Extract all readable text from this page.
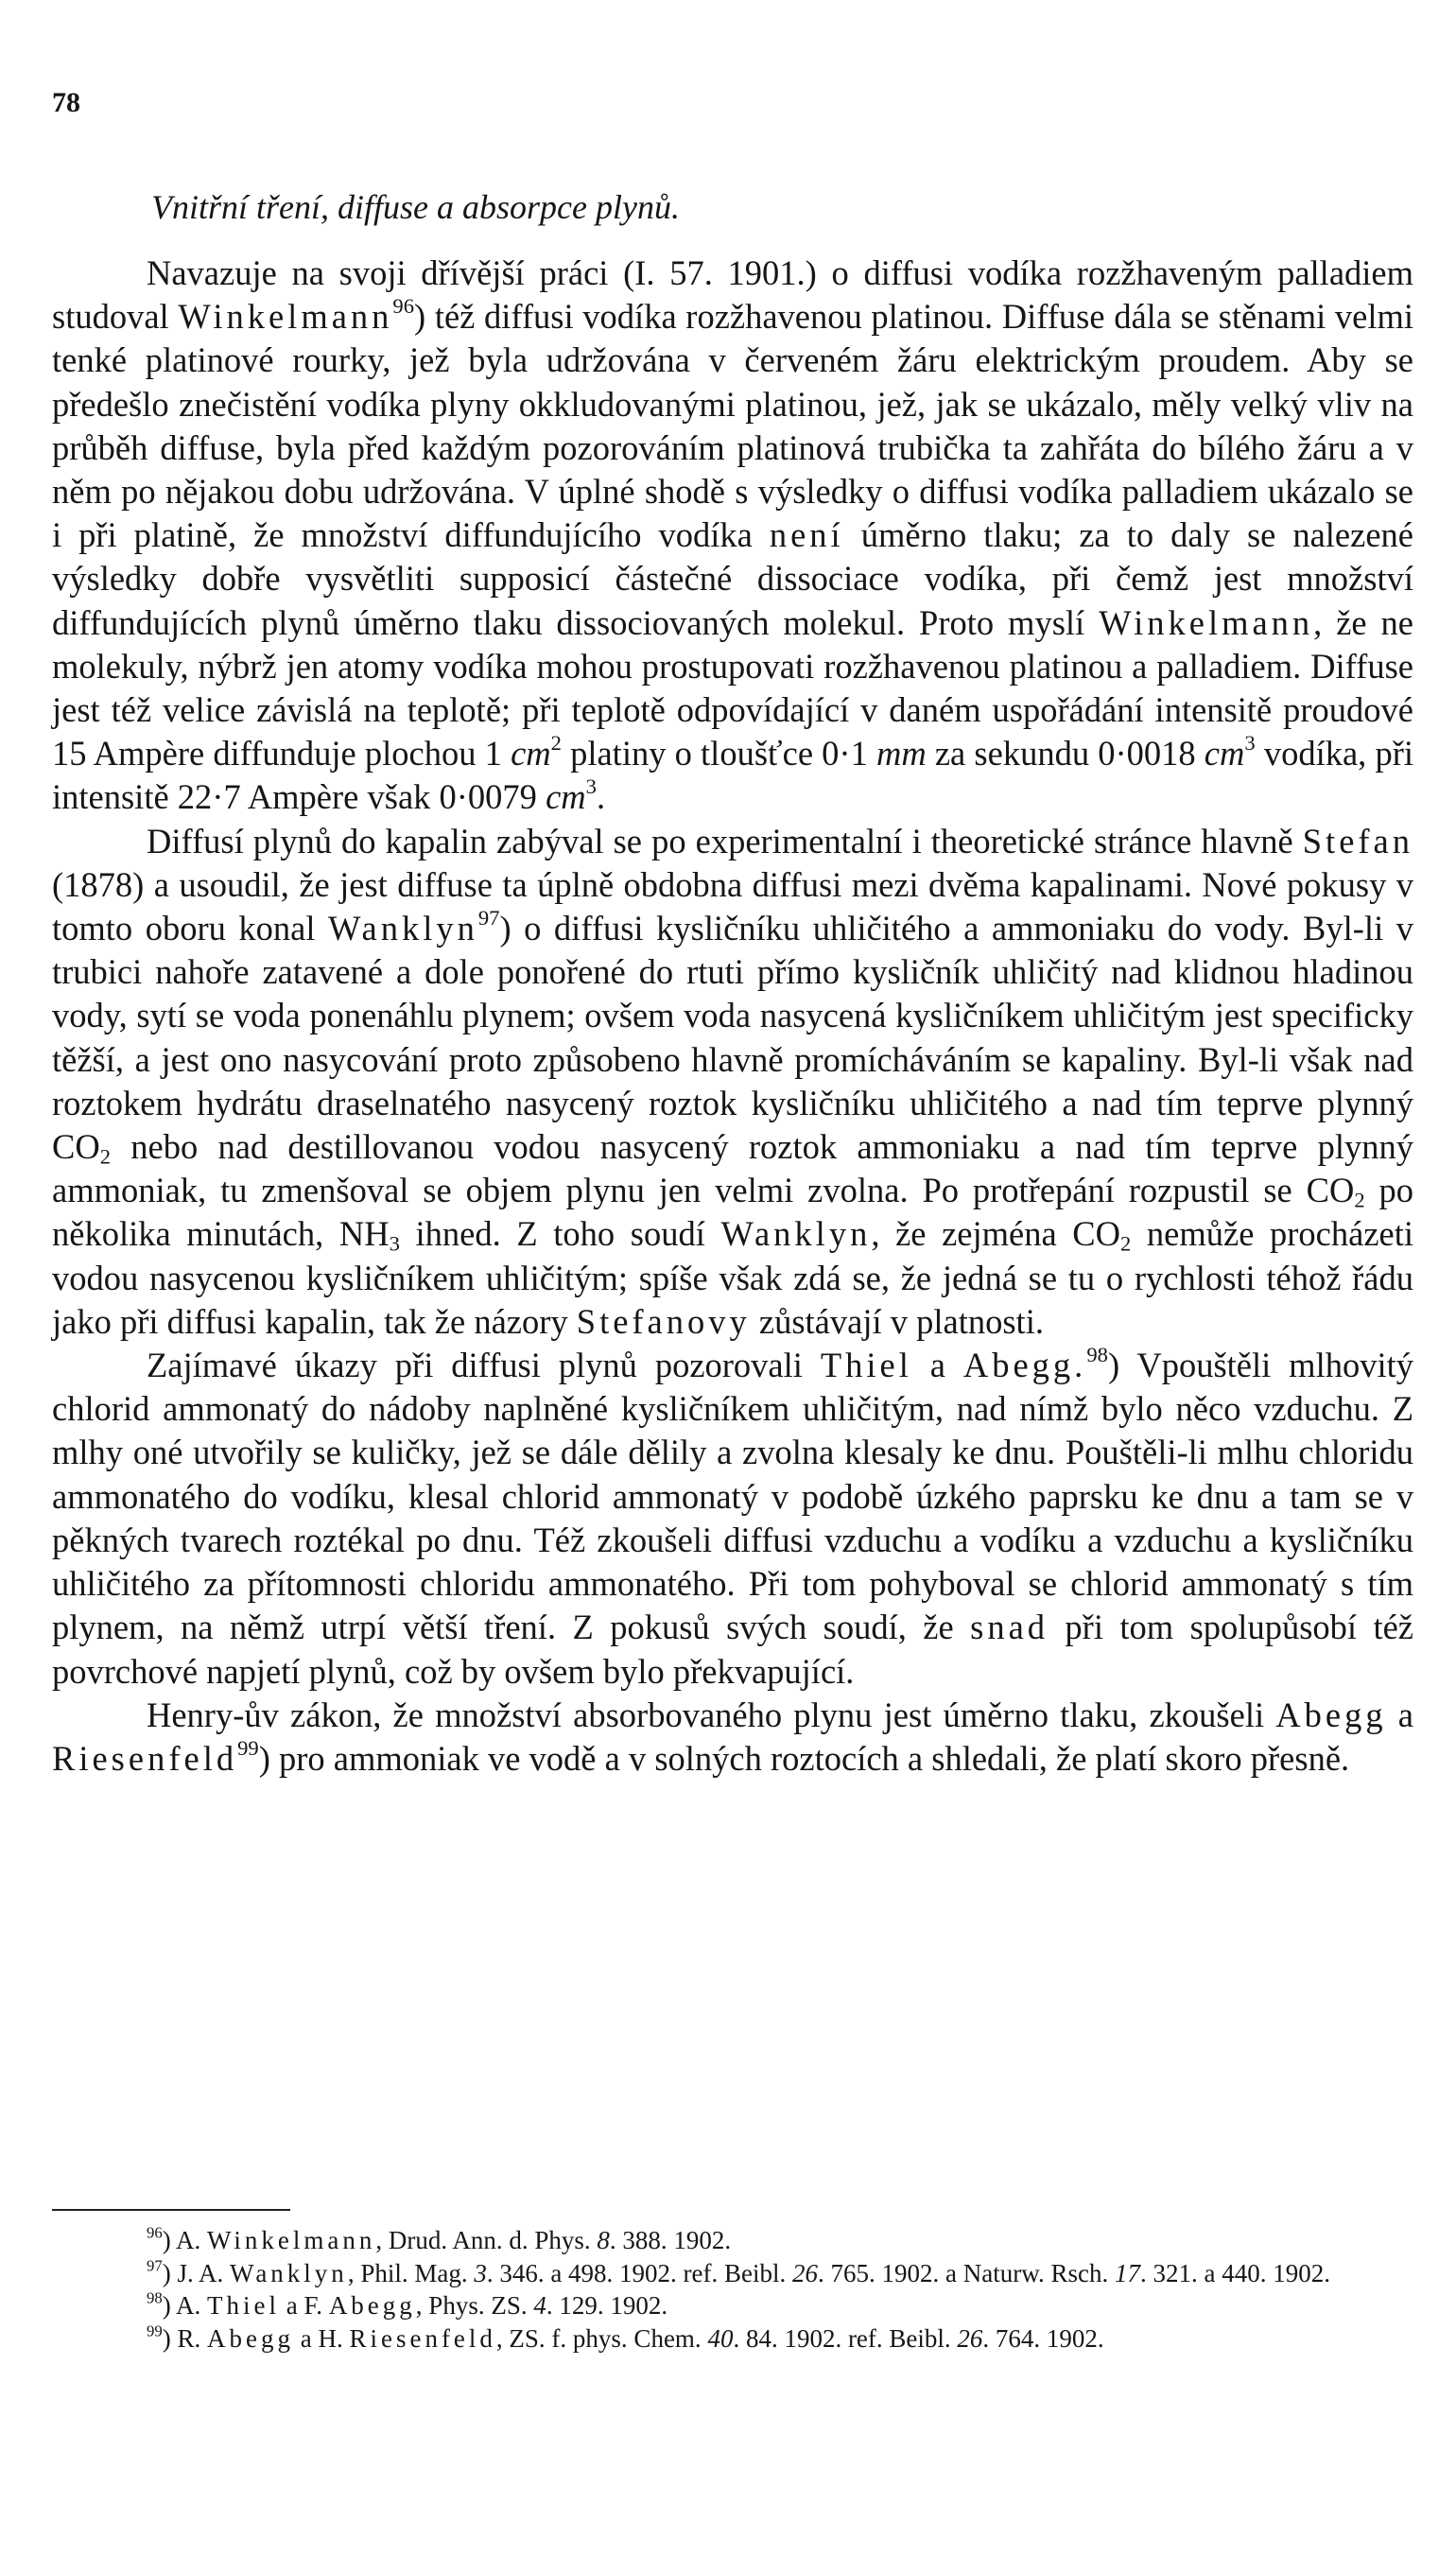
78
Vnitřní tření, diffuse a absorpce plynů.

Navazuje na svoji dřívější práci (I. 57. 1901.) o diffusi vodíka rozžhaveným palladiem studoval Winkelmann$^{96}$) též diffusi vodíka rozžhavenou platinou. Diffuse dála se stěnami velmi tenké platinové rourky, jež byla udržována v červeném žáru elektrickým proudem. Aby se předešlo znečistění vodíka plyny okkludovanými platinou, jež, jak se ukázalo, měly velký vliv na průběh diffuse, byla před každým pozorováním platinová trubička ta zahřáta do bílého žáru a v něm po nějakou dobu udržována. V úplné shodě s výsledky o diffusi vodíka palladiem ukázalo se i při platině, že množství diffundujícího vodíka není úměrno tlaku; za to daly se nalezené výsledky dobře vysvětliti supposicí částečné dissociace vodíka, při čemž jest množství diffundujících plynů úměrno tlaku dissociovaných molekul. Proto myslí Winkelmann, že ne molekuly, nýbrž jen atomy vodíka mohou prostupovati rozžhavenou platinou a palladiem. Diffuse jest též velice závislá na teplotě; při teplotě odpovídající v daném uspořádání intensitě proudové 15 Ampère diffunduje plochou 1 $cm^2$ platiny o tloušťce 0·1 mm za sekundu 0·0018 $cm^3$ vodíka, při intensitě 22·7 Ampère však 0·0079 $cm^3$.

Diffusí plynů do kapalin zabýval se po experimentalní i theoretické stránce hlavně Stefan (1878) a usoudil, že jest diffuse ta úplně obdobna diffusi mezi dvěma kapalinami. Nové pokusy v tomto oboru konal Wanklyn$^{97}$) o diffusi kysličníku uhličitého a ammoniaku do vody. Byl-li v trubici nahoře zatavené a dole ponořené do rtuti přímo kysličník uhličitý nad klidnou hladinou vody, sytí se voda ponenáhlu plynem; ovšem voda nasycená kysličníkem uhličitým jest specificky těžší, a jest ono nasycování proto způsobeno hlavně promícháváním se kapaliny. Byl-li však nad roztokem hydrátu draselnatého nasycený roztok kysličníku uhličitého a nad tím teprve plynný $CO_2$ nebo nad destillovanou vodou nasycený roztok ammoniaku a nad tím teprve plynný ammoniak, tu zmenšoval se objem plynu jen velmi zvolna. Po protřepání rozpustil se $CO_2$ po několika minutách, $NH_3$ ihned. Z toho soudí Wanklyn, že zejména $CO_2$ nemůže procházeti vodou nasycenou kysličníkem uhličitým; spíše však zdá se, že jedná se tu o rychlosti téhož řádu jako při diffusi kapalin, tak že názory Stefanovy zůstávají v platnosti.

Zajímavé úkazy při diffusi plynů pozorovali Thiel a Abegg.$^{98}$) Vpouštěli mlhovitý chlorid ammonatý do nádoby naplněné kysličníkem uhličitým, nad nímž bylo něco vzduchu. Z mlhy oné utvořily se kuličky, jež se dále dělily a zvolna klesaly ke dnu. Pouštěli-li mlhu chloridu ammonatého do vodíku, klesal chlorid ammonatý v podobě úzkého paprsku ke dnu a tam se v pěkných tvarech roztékal po dnu. Též zkoušeli diffusi vzduchu a vodíku a vzduchu a kysličníku uhličitého za přítomnosti chloridu ammonatého. Při tom pohyboval se chlorid ammonatý s tím plynem, na němž utrpí větší tření. Z pokusů svých soudí, že snad při tom spolupůsobí též povrchové napjetí plynů, což by ovšem bylo překvapující.

Henry-ův zákon, že množství absorbovaného plynu jest úměrno tlaku, zkoušeli Abegg a Riesenfeld$^{99}$) pro ammoniak ve vodě a v solných roztocích a shledali, že platí skoro přesně.

$^{96}$) A. Winkelmann, Drud. Ann. d. Phys. 8. 388. 1902.

$^{97}$) J. A. Wanklyn, Phil. Mag. 3. 346. a 498. 1902. ref. Beibl. 26. 765. 1902. a Naturw. Rsch. 17. 321. a 440. 1902.

$^{98}$) A. Thiel a F. Abegg, Phys. ZS. 4. 129. 1902.

$^{99}$) R. Abegg a H. Riesenfeld, ZS. f. phys. Chem. 40. 84. 1902. ref. Beibl. 26. 764. 1902.
